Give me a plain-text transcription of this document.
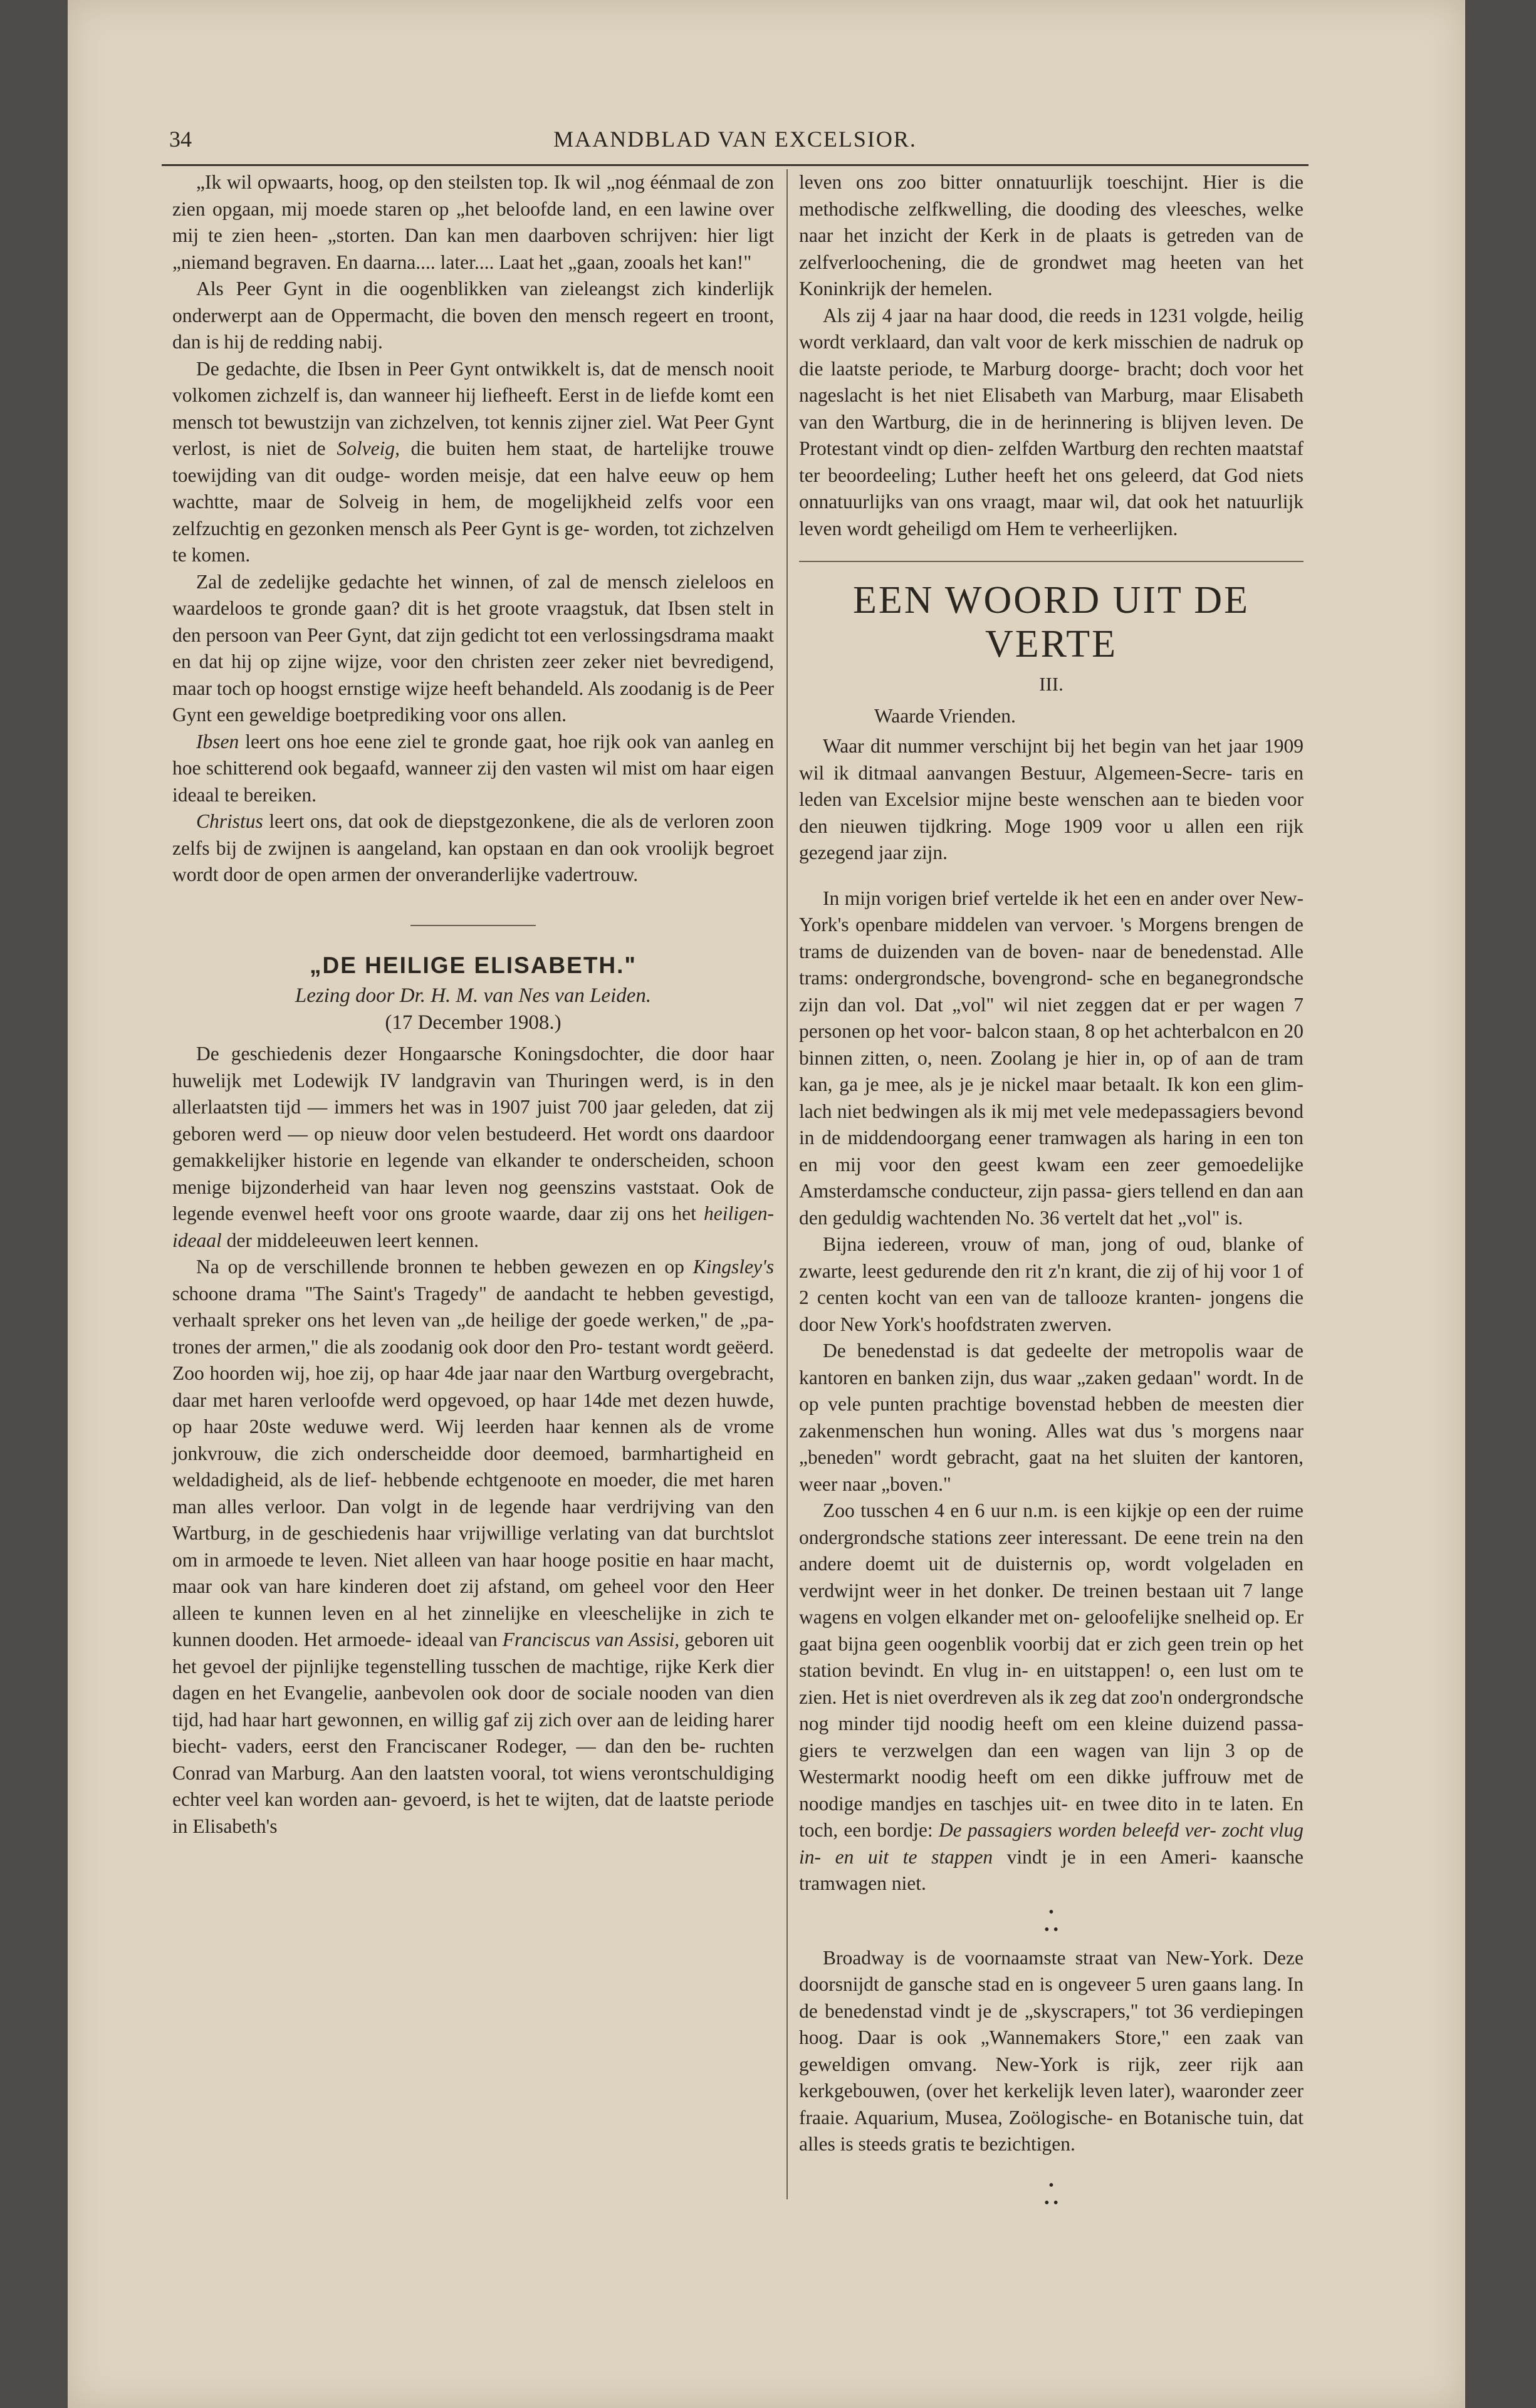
34	MAANDBLAD VAN EXCELSIOR.

„Ik wil opwaarts, hoog, op den steilsten top. Ik wil „nog éénmaal de zon zien opgaan, mij moede staren op „het beloofde land, en een lawine over mij te zien heen- „storten. Dan kan men daarboven schrijven: hier ligt „niemand begraven. En daarna.... later.... Laat het „gaan, zooals het kan!"

Als Peer Gynt in die oogenblikken van zieleangst zich kinderlijk onderwerpt aan de Oppermacht, die boven den mensch regeert en troont, dan is hij de redding nabij.

De gedachte, die Ibsen in Peer Gynt ontwikkelt is, dat de mensch nooit volkomen zichzelf is, dan wanneer hij liefheeft. Eerst in de liefde komt een mensch tot bewustzijn van zichzelven, tot kennis zijner ziel. Wat Peer Gynt verlost, is niet de Solveig, die buiten hem staat, de hartelijke trouwe toewijding van dit oudge- worden meisje, dat een halve eeuw op hem wachtte, maar de Solveig in hem, de mogelijkheid zelfs voor een zelfzuchtig en gezonken mensch als Peer Gynt is ge- worden, tot zichzelven te komen.

Zal de zedelijke gedachte het winnen, of zal de mensch zieleloos en waardeloos te gronde gaan? dit is het groote vraagstuk, dat Ibsen stelt in den persoon van Peer Gynt, dat zijn gedicht tot een verlossingsdrama maakt en dat hij op zijne wijze, voor den christen zeer zeker niet bevredigend, maar toch op hoogst ernstige wijze heeft behandeld. Als zoodanig is de Peer Gynt een geweldige boetprediking voor ons allen.

Ibsen leert ons hoe eene ziel te gronde gaat, hoe rijk ook van aanleg en hoe schitterend ook begaafd, wanneer zij den vasten wil mist om haar eigen ideaal te bereiken.

Christus leert ons, dat ook de diepstgezonkene, die als de verloren zoon zelfs bij de zwijnen is aangeland, kan opstaan en dan ook vroolijk begroet wordt door de open armen der onveranderlijke vadertrouw.

„DE HEILIGE ELISABETH."
Lezing door Dr. H. M. van Nes van Leiden.
(17 December 1908.)

De geschiedenis dezer Hongaarsche Koningsdochter, die door haar huwelijk met Lodewijk IV landgravin van Thuringen werd, is in den allerlaatsten tijd — immers het was in 1907 juist 700 jaar geleden, dat zij geboren werd — op nieuw door velen bestudeerd. Het wordt ons daardoor gemakkelijker historie en legende van elkander te onderscheiden, schoon menige bijzonderheid van haar leven nog geenszins vaststaat. Ook de legende evenwel heeft voor ons groote waarde, daar zij ons het heiligen- ideaal der middeleeuwen leert kennen.

Na op de verschillende bronnen te hebben gewezen en op Kingsley's schoone drama "The Saint's Tragedy" de aandacht te hebben gevestigd, verhaalt spreker ons het leven van „de heilige der goede werken," de „pa- trones der armen," die als zoodanig ook door den Pro- testant wordt geëerd. Zoo hoorden wij, hoe zij, op haar 4de jaar naar den Wartburg overgebracht, daar met haren verloofde werd opgevoed, op haar 14de met dezen huwde, op haar 20ste weduwe werd. Wij leerden haar kennen als de vrome jonkvrouw, die zich onderscheidde door deemoed, barmhartigheid en weldadigheid, als de lief- hebbende echtgenoote en moeder, die met haren man alles verloor. Dan volgt in de legende haar verdrijving van den Wartburg, in de geschiedenis haar vrijwillige verlating van dat burchtslot om in armoede te leven. Niet alleen van haar hooge positie en haar macht, maar ook van hare kinderen doet zij afstand, om geheel voor den Heer alleen te kunnen leven en al het zinnelijke en vleeschelijke in zich te kunnen dooden. Het armoede- ideaal van Franciscus van Assisi, geboren uit het gevoel der pijnlijke tegenstelling tusschen de machtige, rijke Kerk dier dagen en het Evangelie, aanbevolen ook door de sociale nooden van dien tijd, had haar hart gewonnen, en willig gaf zij zich over aan de leiding harer biecht- vaders, eerst den Franciscaner Rodeger, — dan den be- ruchten Conrad van Marburg. Aan den laatsten vooral, tot wiens verontschuldiging echter veel kan worden aan- gevoerd, is het te wijten, dat de laatste periode in Elisabeth's

leven ons zoo bitter onnatuurlijk toeschijnt. Hier is die methodische zelfkwelling, die dooding des vleesches, welke naar het inzicht der Kerk in de plaats is getreden van de zelfverloochening, die de grondwet mag heeten van het Koninkrijk der hemelen.

Als zij 4 jaar na haar dood, die reeds in 1231 volgde, heilig wordt verklaard, dan valt voor de kerk misschien de nadruk op die laatste periode, te Marburg doorge- bracht; doch voor het nageslacht is het niet Elisabeth van Marburg, maar Elisabeth van den Wartburg, die in de herinnering is blijven leven. De Protestant vindt op dien- zelfden Wartburg den rechten maatstaf ter beoordeeling; Luther heeft het ons geleerd, dat God niets onnatuurlijks van ons vraagt, maar wil, dat ook het natuurlijk leven wordt geheiligd om Hem te verheerlijken.

EEN WOORD UIT DE VERTE
III.

Waarde Vrienden.

Waar dit nummer verschijnt bij het begin van het jaar 1909 wil ik ditmaal aanvangen Bestuur, Algemeen-Secre- taris en leden van Excelsior mijne beste wenschen aan te bieden voor den nieuwen tijdkring. Moge 1909 voor u allen een rijk gezegend jaar zijn.

In mijn vorigen brief vertelde ik het een en ander over New-York's openbare middelen van vervoer. 's Morgens brengen de trams de duizenden van de boven- naar de benedenstad. Alle trams: ondergrondsche, bovengrond- sche en beganegrondsche zijn dan vol. Dat „vol" wil niet zeggen dat er per wagen 7 personen op het voor- balcon staan, 8 op het achterbalcon en 20 binnen zitten, o, neen. Zoolang je hier in, op of aan de tram kan, ga je mee, als je je nickel maar betaalt. Ik kon een glim- lach niet bedwingen als ik mij met vele medepassagiers bevond in de middendoorgang eener tramwagen als haring in een ton en mij voor den geest kwam een zeer gemoedelijke Amsterdamsche conducteur, zijn passa- giers tellend en dan aan den geduldig wachtenden No. 36 vertelt dat het „vol" is.

Bijna iedereen, vrouw of man, jong of oud, blanke of zwarte, leest gedurende den rit z'n krant, die zij of hij voor 1 of 2 centen kocht van een van de tallooze kranten- jongens die door New York's hoofdstraten zwerven.

De benedenstad is dat gedeelte der metropolis waar de kantoren en banken zijn, dus waar „zaken gedaan" wordt. In de op vele punten prachtige bovenstad hebben de meesten dier zakenmenschen hun woning. Alles wat dus 's morgens naar „beneden" wordt gebracht, gaat na het sluiten der kantoren, weer naar „boven."

Zoo tusschen 4 en 6 uur n.m. is een kijkje op een der ruime ondergrondsche stations zeer interessant. De eene trein na den andere doemt uit de duisternis op, wordt volgeladen en verdwijnt weer in het donker. De treinen bestaan uit 7 lange wagens en volgen elkander met on- geloofelijke snelheid op. Er gaat bijna geen oogenblik voorbij dat er zich geen trein op het station bevindt. En vlug in- en uitstappen! o, een lust om te zien. Het is niet overdreven als ik zeg dat zoo'n ondergrondsche nog minder tijd noodig heeft om een kleine duizend passa- giers te verzwelgen dan een wagen van lijn 3 op de Westermarkt noodig heeft om een dikke juffrouw met de noodige mandjes en taschjes uit- en twee dito in te laten. En toch, een bordje: De passagiers worden beleefd ver- zocht vlug in- en uit te stappen vindt je in een Ameri- kaansche tramwagen niet.

•
• •

Broadway is de voornaamste straat van New-York. Deze doorsnijdt de gansche stad en is ongeveer 5 uren gaans lang. In de benedenstad vindt je de „skyscrapers," tot 36 verdiepingen hoog. Daar is ook „Wannemakers Store," een zaak van geweldigen omvang. New-York is rijk, zeer rijk aan kerkgebouwen, (over het kerkelijk leven later), waaronder zeer fraaie. Aquarium, Musea, Zoölogische- en Botanische tuin, dat alles is steeds gratis te bezichtigen.

•
• •
